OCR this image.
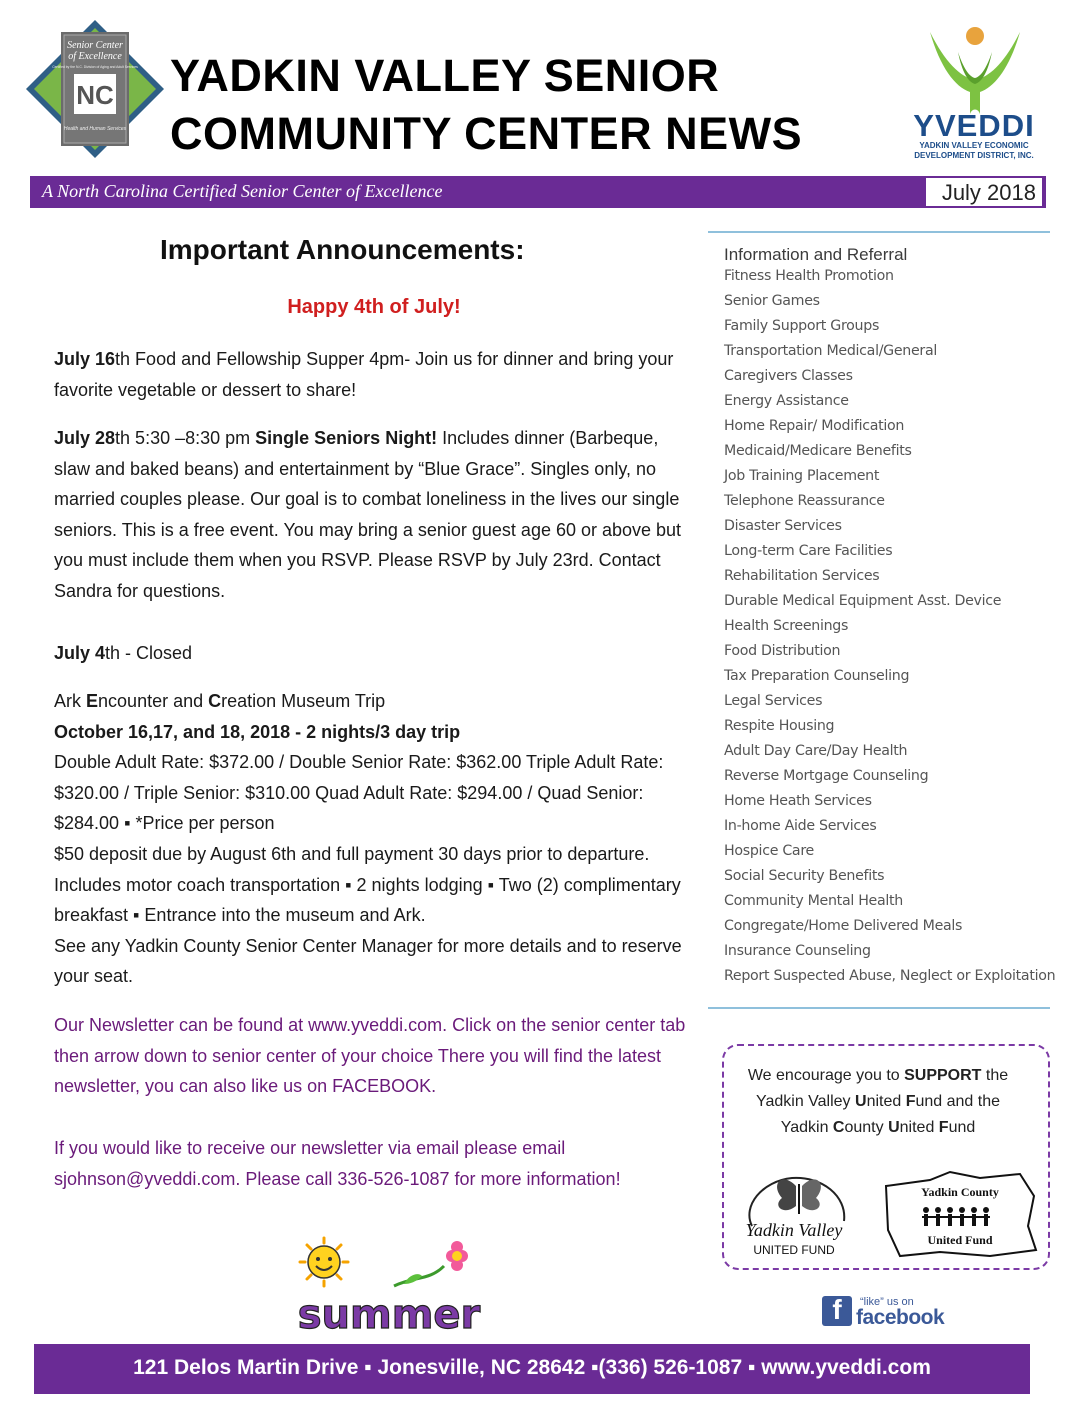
Senior Center
of Excellence
Certified by the N.C. Division of Aging and Adult Services
NC
Health and Human Services
YADKIN VALLEY SENIOR
COMMUNITY CENTER NEWS	YVEDDI
YADKIN VALLEY ECONOMIC
DEVELOPMENT DISTRICT, INC.
A North Carolina Certified Senior Center of Excellence	July 2018
Important Announcements:
Happy 4th of July!
July 16th Food and Fellowship Supper 4pm- Join us for dinner and bring your favorite vegetable or dessert to share!
July 28th 5:30 –8:30 pm Single Seniors Night! Includes dinner (Barbeque, slaw and baked beans) and entertainment by “Blue Grace”. Singles only, no married couples please. Our goal is to combat loneliness in the lives our single seniors. This is a free event. You may bring a senior guest age 60 or above but you must include them when you RSVP. Please RSVP by July 23rd. Contact Sandra for questions.
July 4th - Closed
Ark Encounter and Creation Museum Trip
October 16,17, and 18, 2018 - 2 nights/3 day trip
Double Adult Rate: $372.00 / Double Senior Rate: $362.00 Triple Adult Rate: $320.00 / Triple Senior: $310.00 Quad Adult Rate: $294.00 / Quad Senior: $284.00 ▪ *Price per person
$50 deposit due by August 6th and full payment 30 days prior to departure. Includes motor coach transportation ▪ 2 nights lodging ▪ Two (2) complimentary breakfast ▪ Entrance into the museum and Ark.
See any Yadkin County Senior Center Manager for more details and to reserve your seat.
Our Newsletter can be found at www.yveddi.com. Click on the senior center tab then arrow down to senior center of your choice There you will find the latest newsletter, you can also like us on FACEBOOK.
If you would like to receive our newsletter via email please email sjohnson@yveddi.com. Please call 336-526-1087 for more information!
summer
Information and Referral
Fitness Health Promotion
Senior Games
Family Support Groups
Transportation Medical/General
Caregivers Classes
Energy Assistance
Home Repair/ Modification
Medicaid/Medicare Benefits
Job Training Placement
Telephone Reassurance
Disaster Services
Long-term Care Facilities
Rehabilitation Services
Durable Medical Equipment Asst. Device
Health Screenings
Food Distribution
Tax Preparation Counseling
Legal Services
Respite Housing
Adult Day Care/Day Health
Reverse Mortgage Counseling
Home Heath Services
In-home Aide Services
Hospice Care
Social Security Benefits
Community Mental Health
Congregate/Home Delivered Meals
Insurance Counseling
Report Suspected Abuse, Neglect or Exploitation
We encourage you to SUPPORT the Yadkin Valley United Fund and the Yadkin County United Fund
Yadkin Valley
UNITED FUND
Yadkin County
United Fund
f	“like” us on
facebook
121 Delos Martin Drive ▪ Jonesville, NC 28642 ▪(336) 526-1087 ▪ www.yveddi.com
